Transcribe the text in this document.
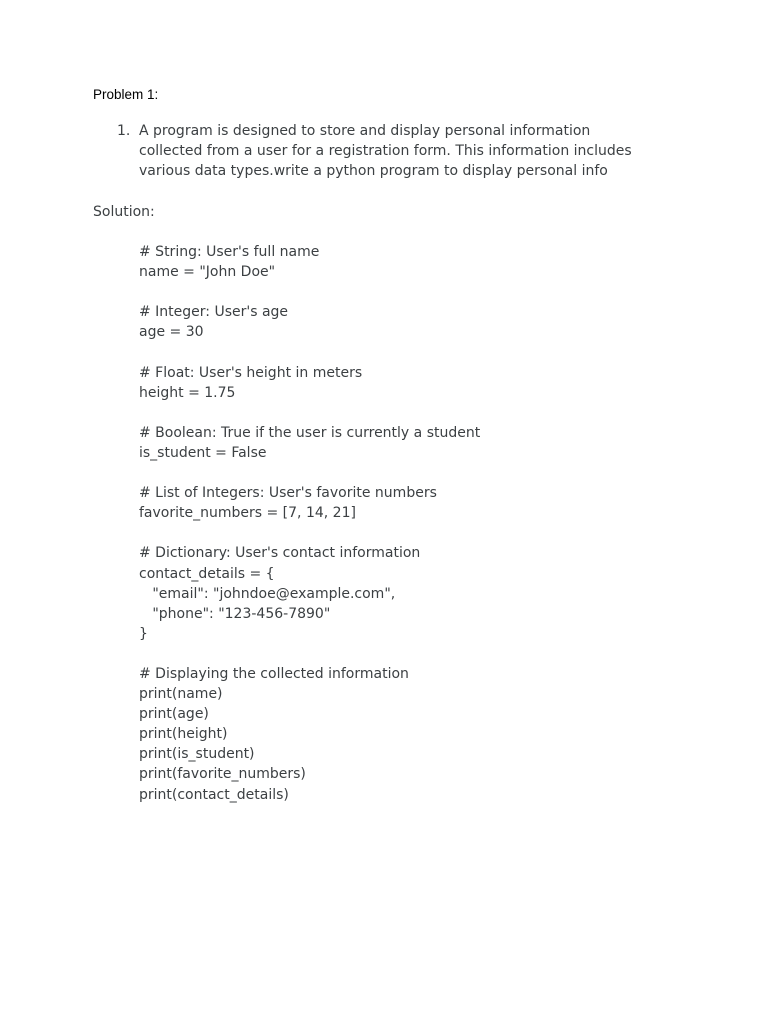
Problem 1:
1. A program is designed to store and display personal information collected from a user for a registration form. This information includes various data types.write a python program to display personal info
Solution:
# String: User's full name
name = "John Doe"
# Integer: User's age
age = 30
# Float: User's height in meters
height = 1.75
# Boolean: True if the user is currently a student
is_student = False
# List of Integers: User's favorite numbers
favorite_numbers = [7, 14, 21]
# Dictionary: User's contact information
contact_details = {
"email": "johndoe@example.com",
"phone": "123-456-7890"
}
# Displaying the collected information
print(name)
print(age)
print(height)
print(is_student)
print(favorite_numbers)
print(contact_details)
